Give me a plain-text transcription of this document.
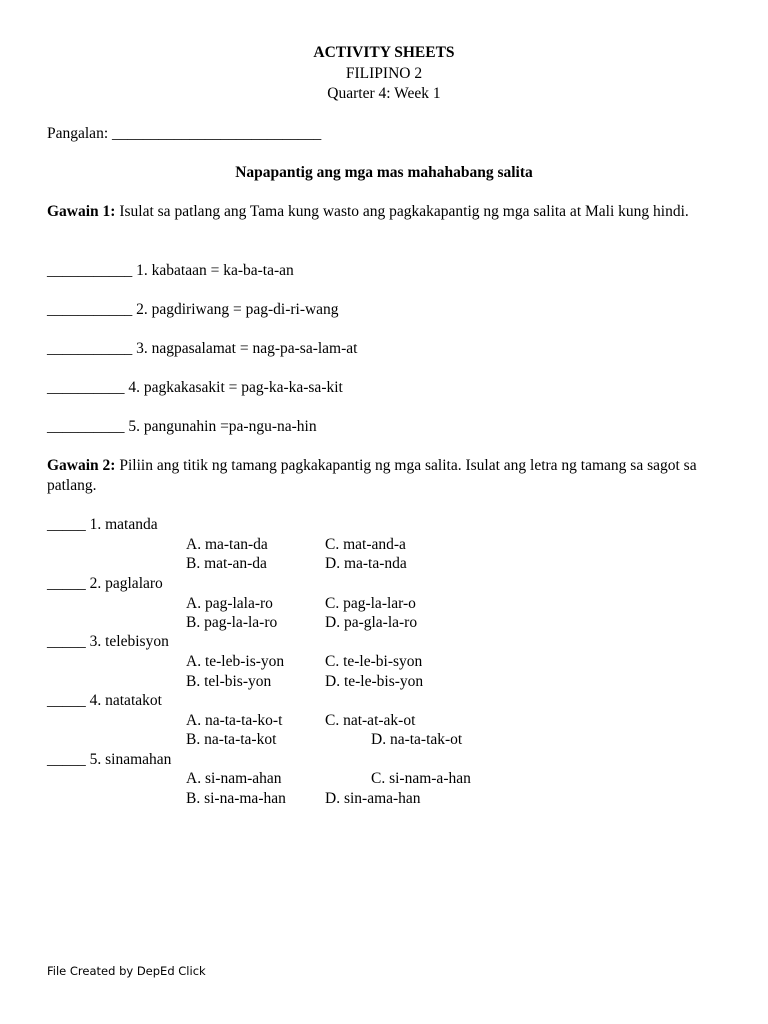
ACTIVITY SHEETS
FILIPINO 2
Quarter 4: Week 1
Pangalan: ___________________________
Napapantig ang mga mas mahahabang salita
Gawain 1: Isulat sa patlang ang Tama kung wasto ang pagkakapantig ng mga salita at Mali kung hindi.
___________ 1. kabataan = ka-ba-ta-an
___________ 2. pagdiriwang = pag-di-ri-wang
___________ 3. nagpasalamat = nag-pa-sa-lam-at
__________ 4. pagkakasakit = pag-ka-ka-sa-kit
__________ 5. pangunahin =pa-ngu-na-hin
Gawain 2: Piliin ang titik ng tamang pagkakapantig ng mga salita. Isulat ang letra ng tamang sa sagot sa patlang.
_____ 1. matanda
A. ma-tan-da	C. mat-and-a
B. mat-an-da	D. ma-ta-nda
_____ 2. paglalaro
A. pag-lala-ro	C. pag-la-lar-o
B. pag-la-la-ro	D. pa-gla-la-ro
_____ 3. telebisyon
A. te-leb-is-yon	C. te-le-bi-syon
B. tel-bis-yon	D. te-le-bis-yon
_____ 4. natatakot
A. na-ta-ta-ko-t	C. nat-at-ak-ot
B. na-ta-ta-kot	D. na-ta-tak-ot
_____ 5. sinamahan
A. si-nam-ahan	C. si-nam-a-han
B. si-na-ma-han	D. sin-ama-han
File Created by DepEd Click
